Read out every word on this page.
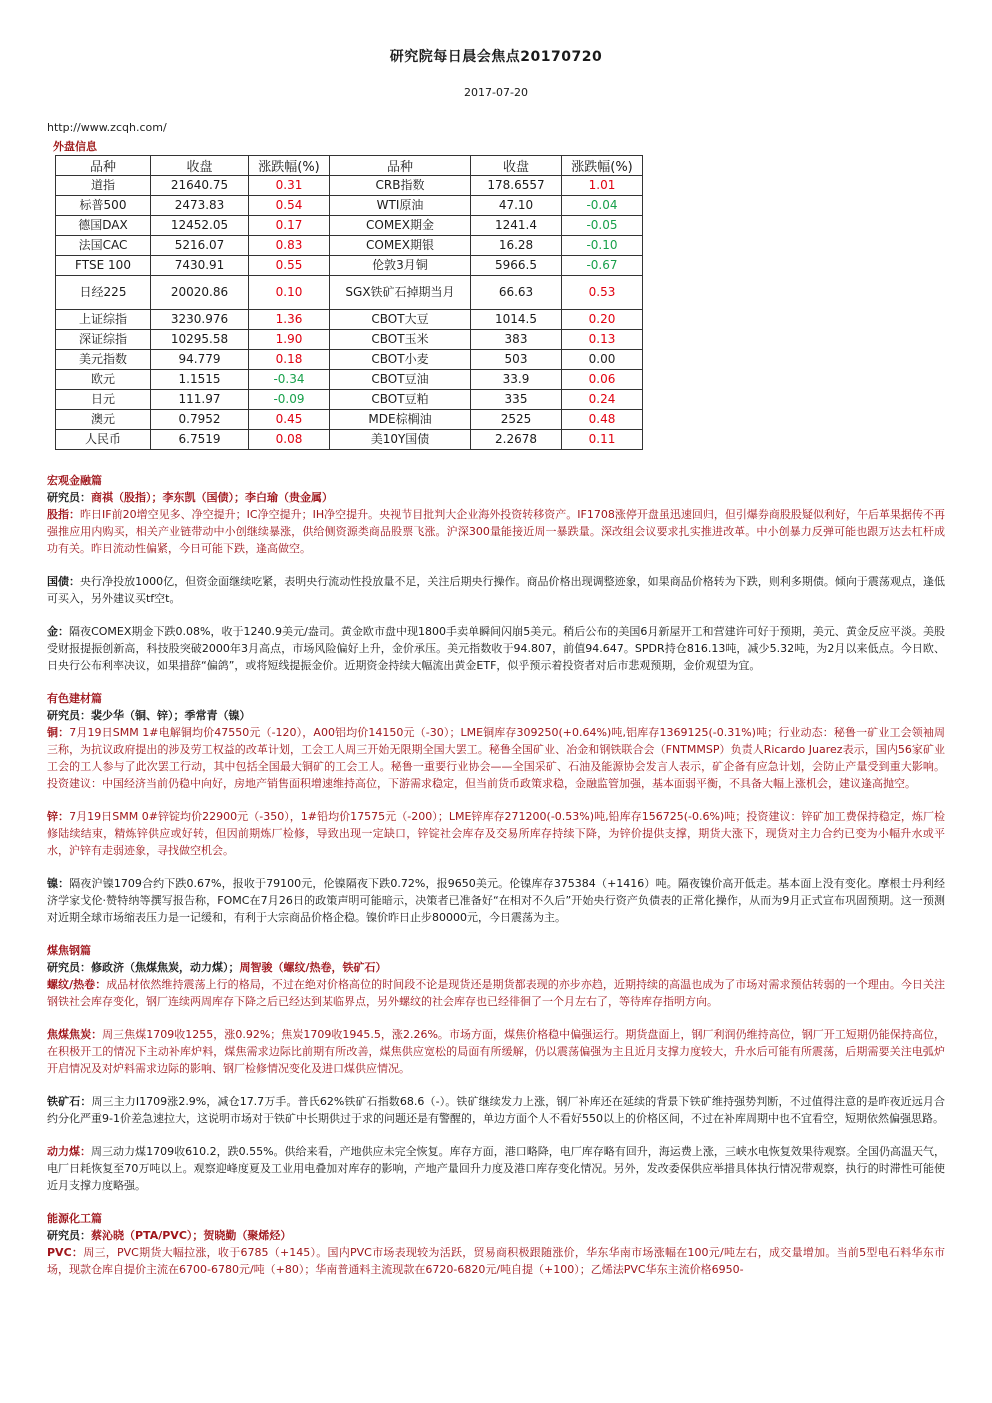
研究院每日晨会焦点20170720
2017-07-20
http://www.zcqh.com/
外盘信息
品种	收盘	涨跌幅(%)	品种	收盘	涨跌幅(%)
道指	21640.75	0.31	CRB指数	178.6557	1.01
标普500	2473.83	0.54	WTI原油	47.10	-0.04
德国DAX	12452.05	0.17	COMEX期金	1241.4	-0.05
法国CAC	5216.07	0.83	COMEX期银	16.28	-0.10
FTSE 100	7430.91	0.55	伦敦3月铜	5966.5	-0.67
日经225	20020.86	0.10	SGX铁矿石掉期当月	66.63	0.53
上证综指	3230.976	1.36	CBOT大豆	1014.5	0.20
深证综指	10295.58	1.90	CBOT玉米	383	0.13
美元指数	94.779	0.18	CBOT小麦	503	0.00
欧元	1.1515	-0.34	CBOT豆油	33.9	0.06
日元	111.97	-0.09	CBOT豆粕	335	0.24
澳元	0.7952	0.45	MDE棕榈油	2525	0.48
人民币	6.7519	0.08	美10Y国债	2.2678	0.11
宏观金融篇
研究员：商祺（股指）；李东凯（国债）；李白瑜（贵金属）

股指：昨日IF前20增空见多、净空提升；IC净空提升；IH净空提升。央视节目批判大企业海外投资转移资产。IF1708涨停开盘虽迅速回归，但引爆券商股股疑似利好，午后革果据传不再强推应用内购买，相关产业链带动中小创继续暴涨，供给侧资源类商品股票飞涨。沪深300量能接近周一暴跌量。深改组会议要求扎实推进改革。中小创暴力反弹可能也跟万达去杠杆成功有关。昨日流动性偏紧，今日可能下跌，逢高做空。

国债：央行净投放1000亿，但资金面继续吃紧，表明央行流动性投放量不足，关注后期央行操作。商品价格出现调整迹象，如果商品价格转为下跌，则利多期债。倾向于震荡观点，逢低可买入，另外建议买tf空t。

金：隔夜COMEX期金下跌0.08%，收于1240.9美元/盎司。黄金欧市盘中现1800手卖单瞬间闪崩5美元。稍后公布的美国6月新屋开工和营建许可好于预期，美元、黄金反应平淡。美股受财报提振创新高，科技股突破2000年3月高点，市场风险偏好上升，金价承压。美元指数收于94.807，前值94.647。SPDR持仓816.13吨，减少5.32吨，为2月以来低点。今日欧、日央行公布利率决议，如果措辞“偏鸽”，或将短线提振金价。近期资金持续大幅流出黄金ETF，似乎预示着投资者对后市悲观预期，金价观望为宜。

有色建材篇
研究员：裴少华（铜、锌）；季常青（镍）

铜：7月19日SMM 1#电解铜均价47550元（-120），A00铝均价14150元（-30）；LME铜库存309250(+0.64%)吨,铝库存1369125(-0.31%)吨；行业动态：秘鲁一矿业工会领袖周三称，为抗议政府提出的涉及劳工权益的改革计划，工会工人周三开始无限期全国大罢工。秘鲁全国矿业、冶金和钢铁联合会（FNTMMSP）负责人Ricardo Juarez表示，国内56家矿业工会的工人参与了此次罢工行动，其中包括全国最大铜矿的工会工人。秘鲁一重要行业协会——全国采矿、石油及能源协会发言人表示，矿企备有应急计划，会防止产量受到重大影响。投资建议：中国经济当前仍稳中向好，房地产销售面积增速维持高位，下游需求稳定，但当前货币政策求稳，金融监管加强，基本面弱平衡，不具备大幅上涨机会，建议逢高抛空。

锌：7月19日SMM 0#锌锭均价22900元（-350），1#铅均价17575元（-200）；LME锌库存271200(-0.53%)吨,铅库存156725(-0.6%)吨；投资建议：锌矿加工费保持稳定，炼厂检修陆续结束，精炼锌供应或好转，但因前期炼厂检修，导致出现一定缺口，锌锭社会库存及交易所库存持续下降，为锌价提供支撑，期货大涨下，现货对主力合约已变为小幅升水或平水，沪锌有走弱迹象，寻找做空机会。

镍：隔夜沪镍1709合约下跌0.67%，报收于79100元，伦镍隔夜下跌0.72%，报9650美元。伦镍库存375384（+1416）吨。隔夜镍价高开低走。基本面上没有变化。摩根士丹利经济学家戈伦·赞特纳等撰写报告称，FOMC在7月26日的政策声明可能暗示，决策者已准备好“在相对不久后”开始央行资产负债表的正常化操作，从而为9月正式宣布巩固预期。这一预测对近期全球市场缩表压力是一记缓和，有利于大宗商品价格企稳。镍价昨日止步80000元，今日震荡为主。

煤焦钢篇
研究员：修政济（焦煤焦炭，动力煤）；周智骏（螺纹/热卷，铁矿石）

螺纹/热卷：成品材依然维持震荡上行的格局，不过在绝对价格高位的时间段不论是现货还是期货都表现的亦步亦趋，近期持续的高温也成为了市场对需求预估转弱的一个理由。今日关注钢铁社会库存变化，钢厂连续两周库存下降之后已经达到某临界点，另外螺纹的社会库存也已经徘徊了一个月左右了，等待库存指明方向。

焦煤焦炭：周三焦煤1709收1255，涨0.92%；焦炭1709收1945.5，涨2.26%。市场方面，煤焦价格稳中偏强运行。期货盘面上，钢厂利润仍维持高位，钢厂开工短期仍能保持高位，在积极开工的情况下主动补库炉料，煤焦需求边际比前期有所改善，煤焦供应宽松的局面有所缓解，仍以震荡偏强为主且近月支撑力度较大，升水后可能有所震荡，后期需要关注电弧炉开启情况及对炉料需求边际的影响、钢厂检修情况变化及进口煤供应情况。

铁矿石：周三主力I1709涨2.9%，减仓17.7万手。普氏62%铁矿石指数68.6（-）。铁矿继续发力上涨，钢厂补库还在延续的背景下铁矿维持强势判断，不过值得注意的是昨夜近远月合约分化严重9-1价差急速拉大，这说明市场对于铁矿中长期供过于求的问题还是有警醒的，单边方面个人不看好550以上的价格区间，不过在补库周期中也不宜看空，短期依然偏强思路。

动力煤：周三动力煤1709收610.2，跌0.55%。供给来看，产地供应未完全恢复。库存方面，港口略降，电厂库存略有回升，海运费上涨，三峡水电恢复效果待观察。全国仍高温天气，电厂日耗恢复至70万吨以上。观察迎峰度夏及工业用电叠加对库存的影响，产地产量回升力度及港口库存变化情况。另外，发改委保供应举措具体执行情况带观察，执行的时滞性可能使近月支撑力度略强。

能源化工篇
研究员：蔡沁晓（PTA/PVC）；贺晓勤（聚烯烃）

PVC：周三，PVC期货大幅拉涨，收于6785（+145）。国内PVC市场表现较为活跃，贸易商积极跟随涨价，华东华南市场涨幅在100元/吨左右，成交量增加。当前5型电石料华东市场，现款仓库自提价主流在6700-6780元/吨（+80）；华南普通料主流现款在6720-6820元/吨自提（+100）；乙烯法PVC华东主流价格6950-
